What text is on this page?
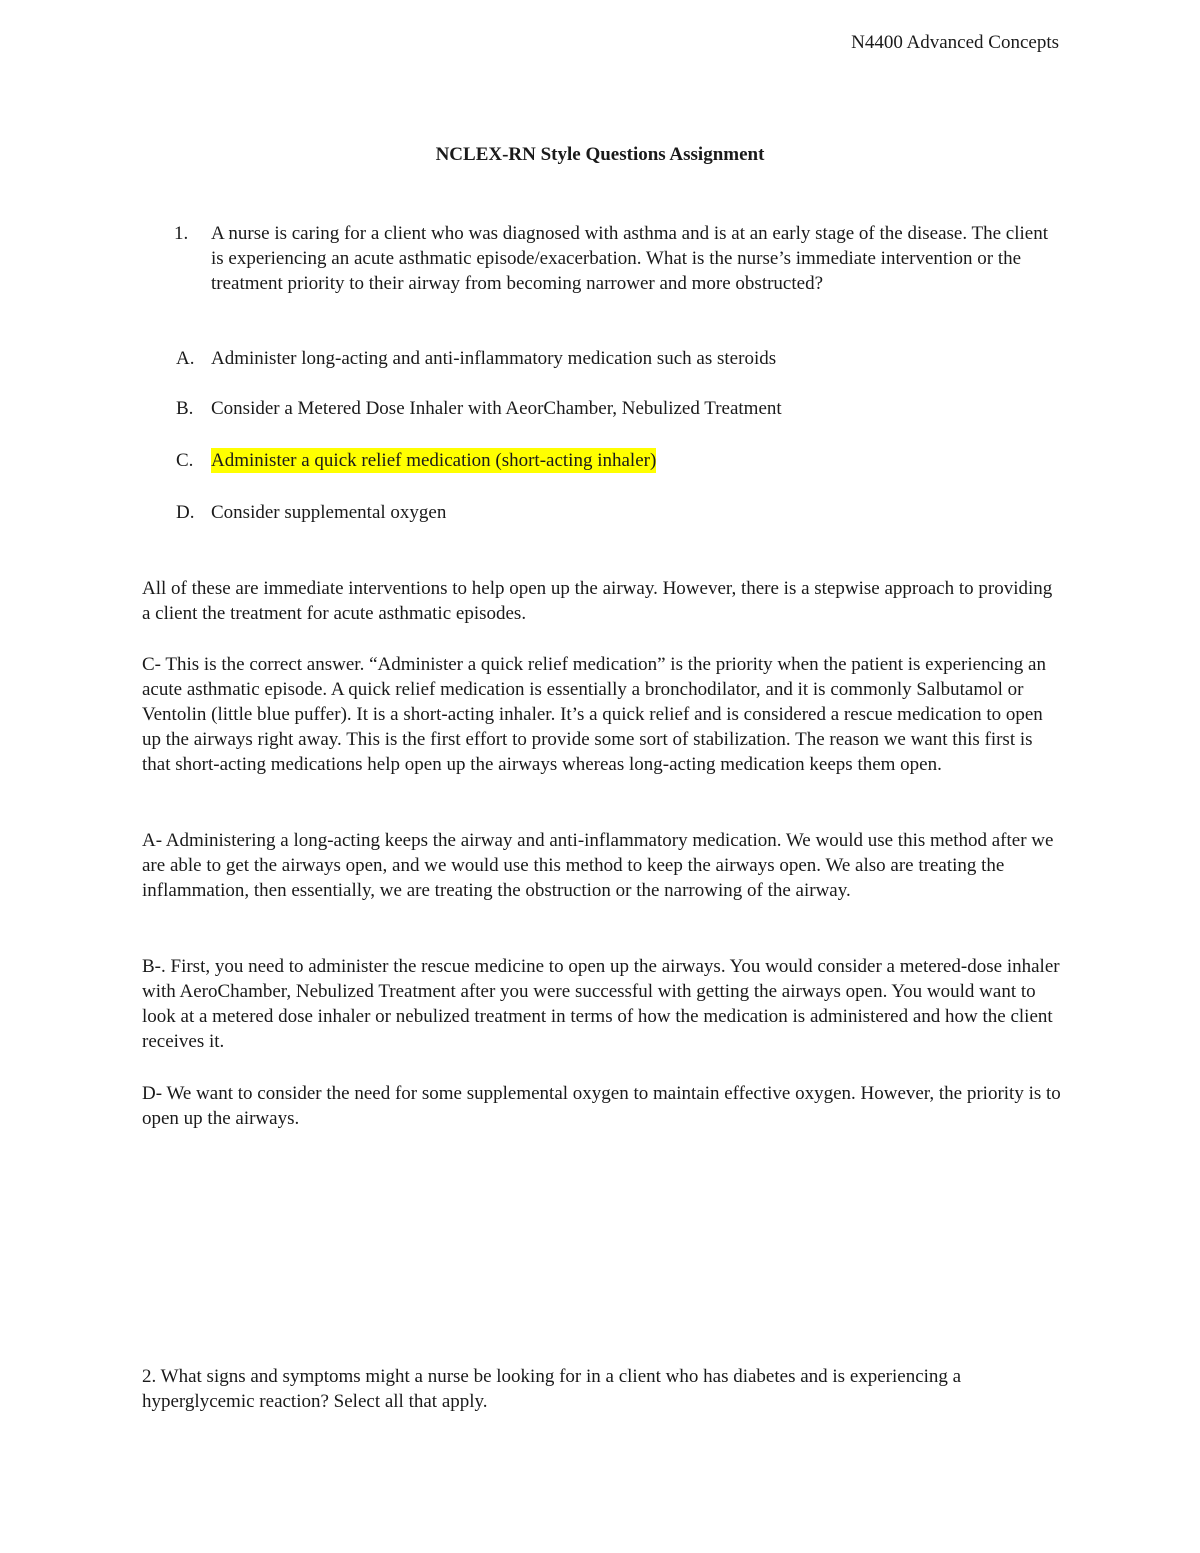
N4400 Advanced Concepts
NCLEX-RN Style Questions Assignment
1. A nurse is caring for a client who was diagnosed with asthma and is at an early stage of the disease. The client is experiencing an acute asthmatic episode/exacerbation. What is the nurse’s immediate intervention or the treatment priority to their airway from becoming narrower and more obstructed?
A. Administer long-acting and anti-inflammatory medication such as steroids
B. Consider a Metered Dose Inhaler with AeorChamber, Nebulized Treatment
C. Administer a quick relief medication (short-acting inhaler)
D. Consider supplemental oxygen
All of these are immediate interventions to help open up the airway. However, there is a stepwise approach to providing a client the treatment for acute asthmatic episodes.
C- This is the correct answer. “Administer a quick relief medication” is the priority when the patient is experiencing an acute asthmatic episode. A quick relief medication is essentially a bronchodilator, and it is commonly Salbutamol or Ventolin (little blue puffer). It is a short-acting inhaler. It’s a quick relief and is considered a rescue medication to open up the airways right away. This is the first effort to provide some sort of stabilization. The reason we want this first is that short-acting medications help open up the airways whereas long-acting medication keeps them open.
A- Administering a long-acting keeps the airway and anti-inflammatory medication. We would use this method after we are able to get the airways open, and we would use this method to keep the airways open. We also are treating the inflammation, then essentially, we are treating the obstruction or the narrowing of the airway.
B-. First, you need to administer the rescue medicine to open up the airways. You would consider a metered-dose inhaler with AeroChamber, Nebulized Treatment after you were successful with getting the airways open. You would want to look at a metered dose inhaler or nebulized treatment in terms of how the medication is administered and how the client receives it.
D- We want to consider the need for some supplemental oxygen to maintain effective oxygen. However, the priority is to open up the airways.
2. What signs and symptoms might a nurse be looking for in a client who has diabetes and is experiencing a hyperglycemic reaction? Select all that apply.
